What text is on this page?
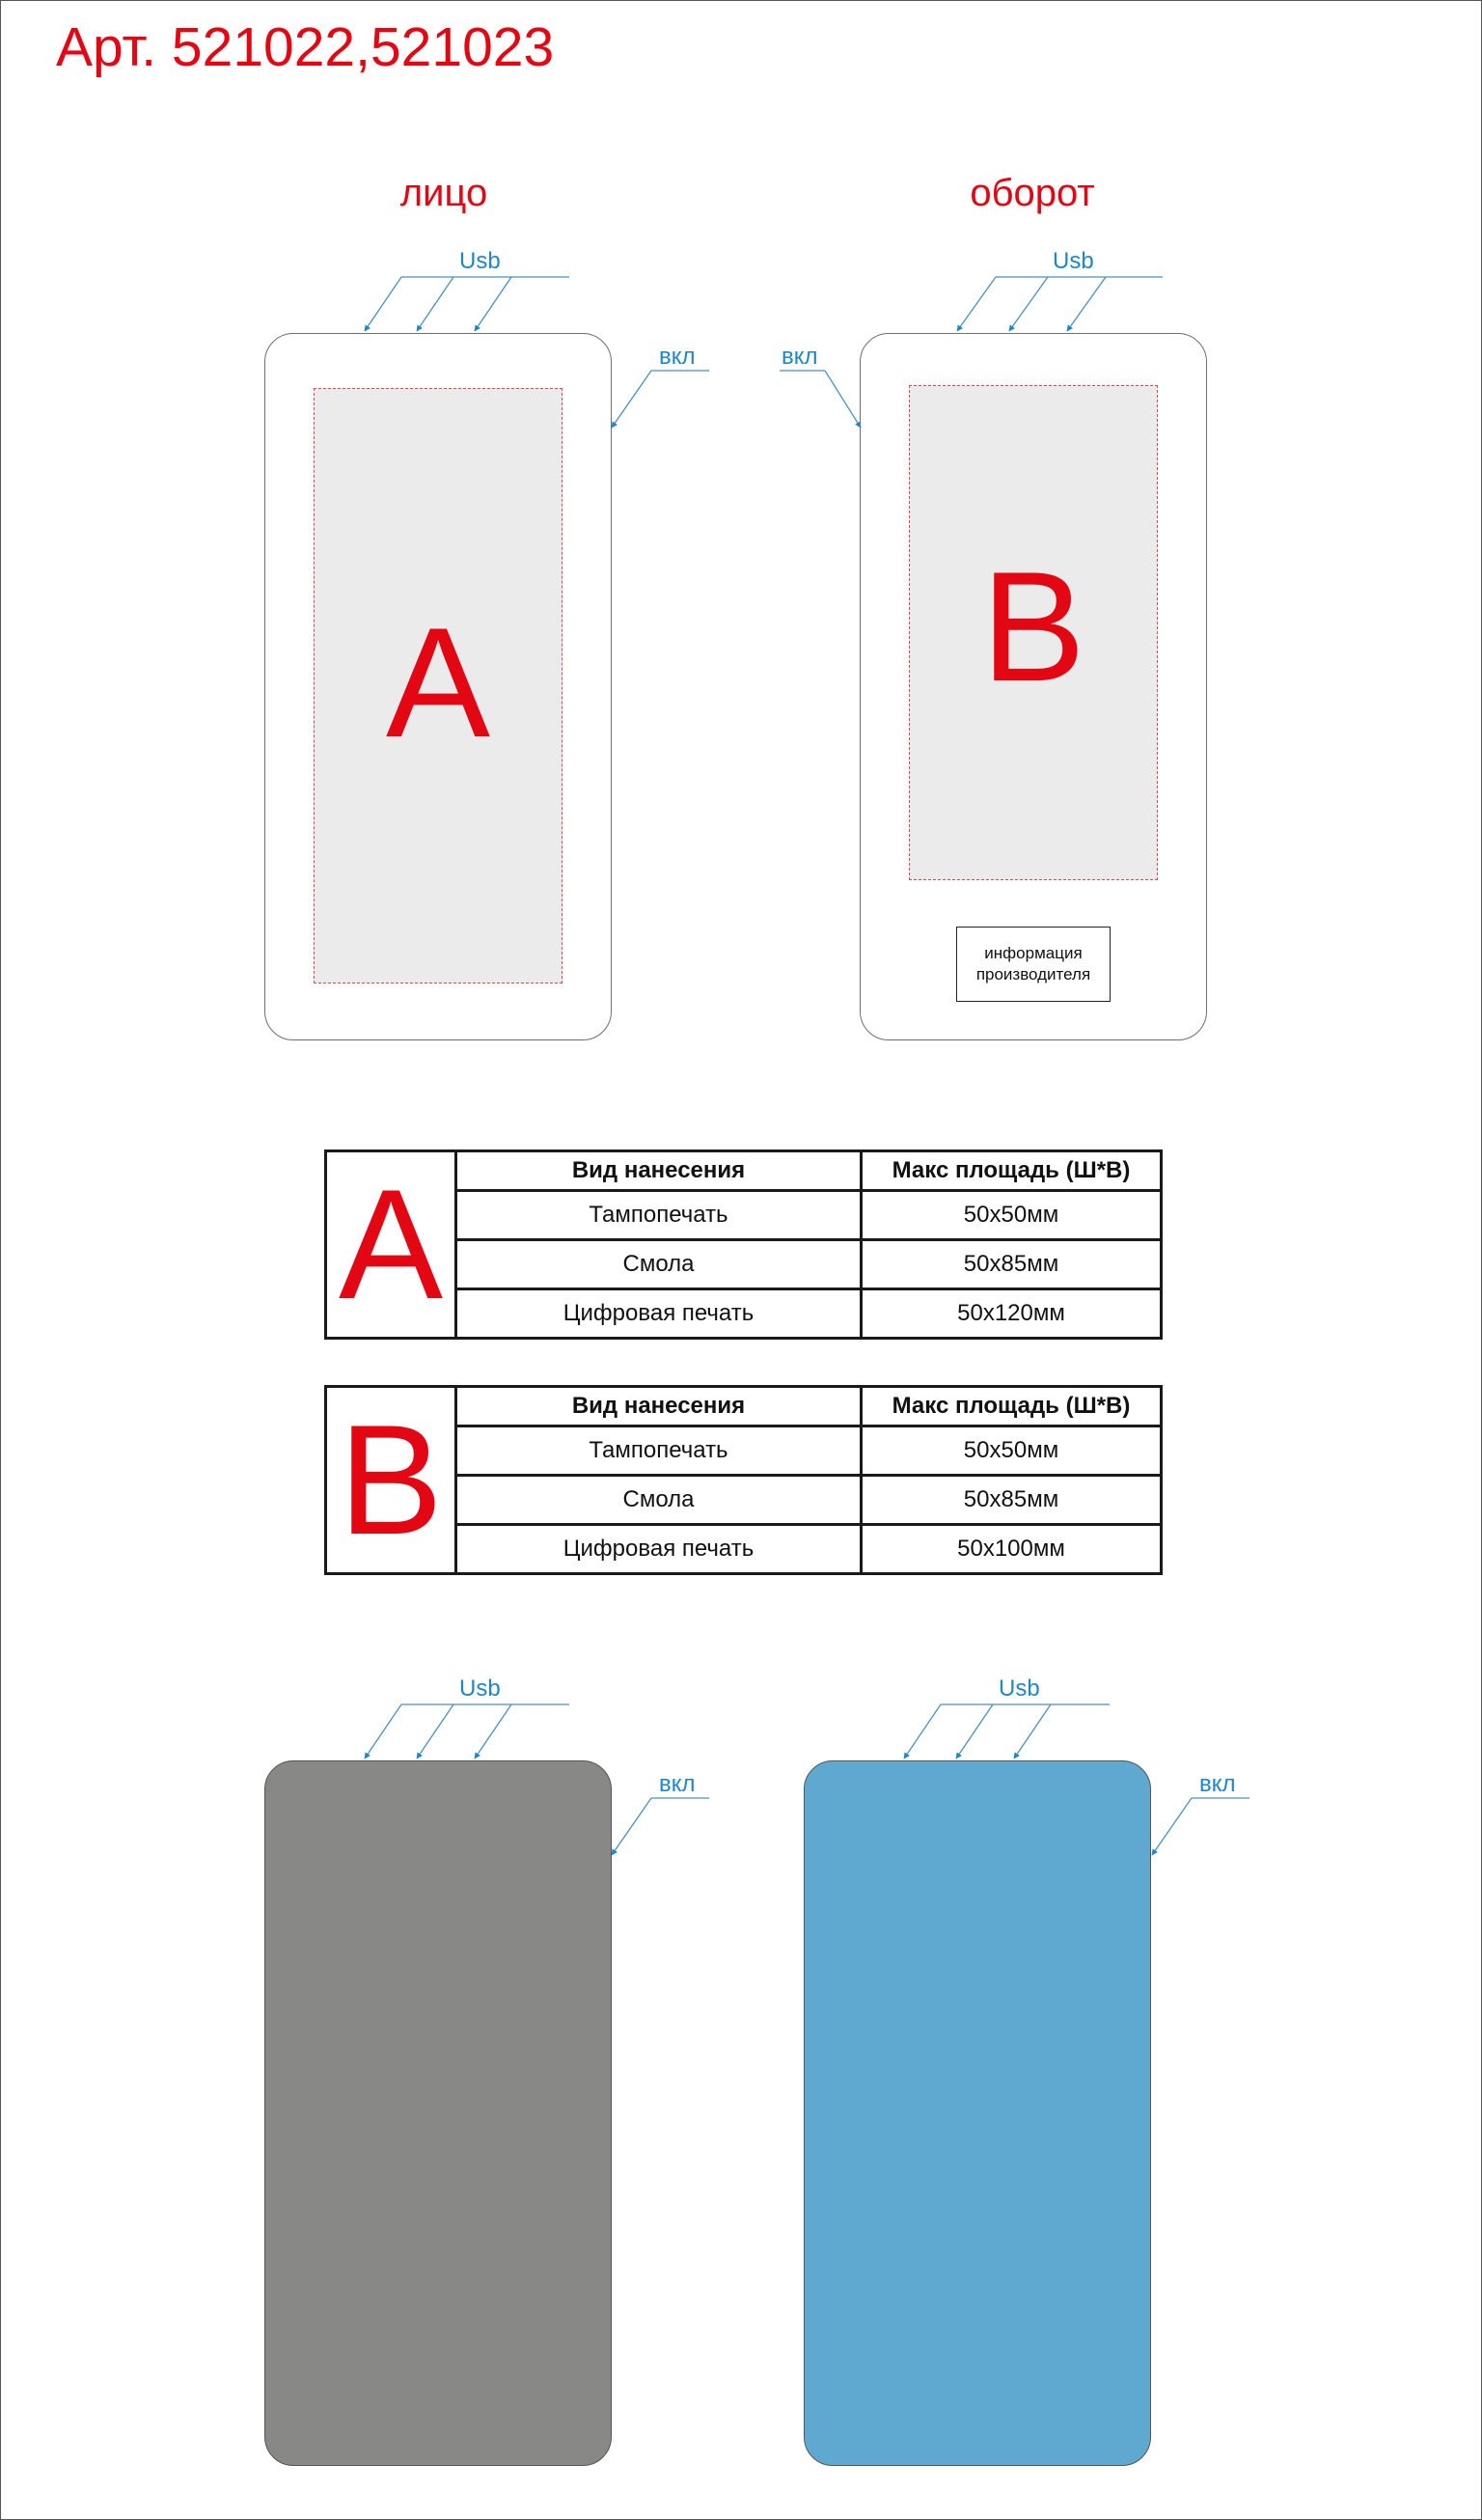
Арт. 521022,521023
лицо
Usb
вкл
A
оборот
Usb
вкл
B
информация
производителя
A	Вид нанесения	Макс площадь (Ш*В)
Тампопечать	50х50мм
Смола	50х85мм
Цифровая печать	50х120мм
B	Вид нанесения	Макс площадь (Ш*В)
Тампопечать	50х50мм
Смола	50х85мм
Цифровая печать	50х100мм
Usb
вкл
Usb
вкл
